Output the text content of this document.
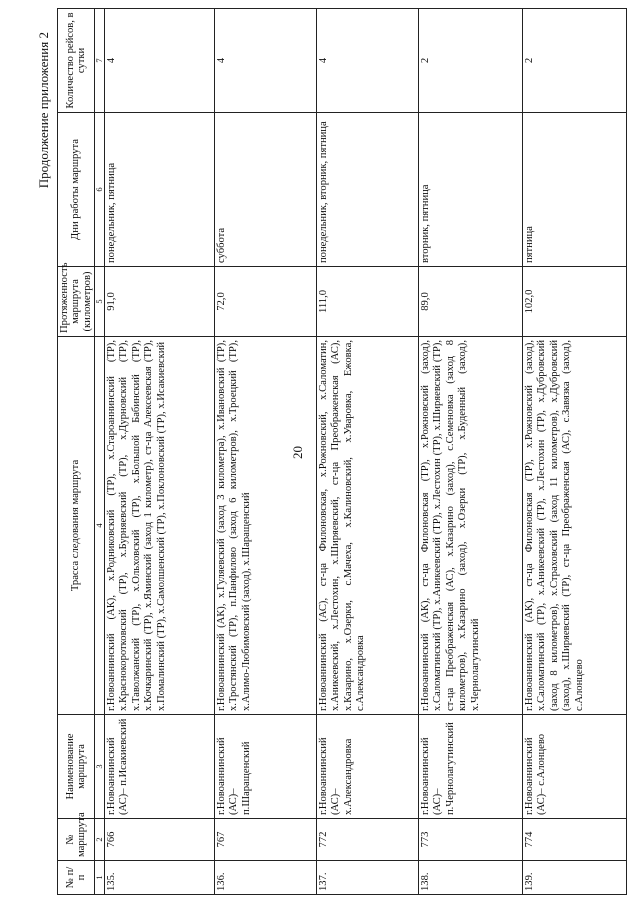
20
Продолжение приложения 2
№ п/п	№ маршрута	Наименование маршрута	Трасса следования маршрута	Протяженность маршрута (километров)	Дни работы маршрута	Количество рейсов, в сутки
1	2	3	4	5	6	7
135.	766	г.Новоаннинский (АС)– п.Исакиевский	г.Новоаннинский (АК), х.Родниковский (ТР), х.Староаннинский (ТР), х.Краснокоротковский (ТР), х.Бурняевский (ТР), х.Дурновский (ТР), х.Таволжанский (ТР), х.Ольховский (ТР), х.Большой Бабинский (ТР), х.Кочкаринский (ТР), х.Яминский (заход 1 километр), ст-ца Алексеевская (ТР), х.Помалинский (ТР), х.Самолшенский (ТР), х.Поклоновский (ТР), х.Исакиевский	91,0	понедельник, пятница	4
136.	767	г.Новоаннинский (АС)– п.Шаращенский	г.Новоаннинский (АК), х.Гуляевский (заход 3 километра), х.Ивановский (ТР), х.Тростянский (ТР), п.Панфилово (заход 6 километров), х.Троецкий (ТР), х.Алимо-Любимовский (заход), х.Шаращенский	72,0	суббота	4
137.	772	г.Новоаннинский (АС)– х.Александровка	г.Новоаннинский (АС), ст-ца Филоновская, х.Рожновский, х.Саломатин, х.Аникеевский, х.Лестохин, х.Ширяевский, ст-ца Преображенская (АС), х.Казарино, х.Озерки, с.Мачеха, х.Калиновский, х.Уваровка, Ежовка, с.Александровка	111,0	понедельник, вторник, пятница	4
138.	773	г.Новоаннинский (АС)– п.Чернолагутинский	г.Новоаннинский (АК), ст-ца Филоновская (ТР), х.Рожновский (заход), х.Саломатинский (ТР), х.Аникеевский (ТР), х.Лестохин (ТР), х.Ширяевский (ТР), ст-ца Преображенская (АС), х.Казарино (заход), с.Семеновка (заход 8 километров), х.Казарино (заход), х.Озерки (ТР), х.Буденный (заход), х.Чернолагутинский	89,0	вторник, пятница	2
139.	774	г.Новоаннинский (АС)– с.Алонцево	г.Новоаннинский (АК), ст-ца Филоновская (ТР), х.Рожновский (заход), х.Саломатинский (ТР), х.Аникеевский (ТР), х.Лестохин (ТР), х.Дубровский (заход 8 километров), х.Страховский (заход 11 километров), х.Дубровский (заход), х.Ширяевский (ТР), ст-ца Преображенская (АС), с.Завязка (заход), с.Алонцево	102,0	пятница	2
